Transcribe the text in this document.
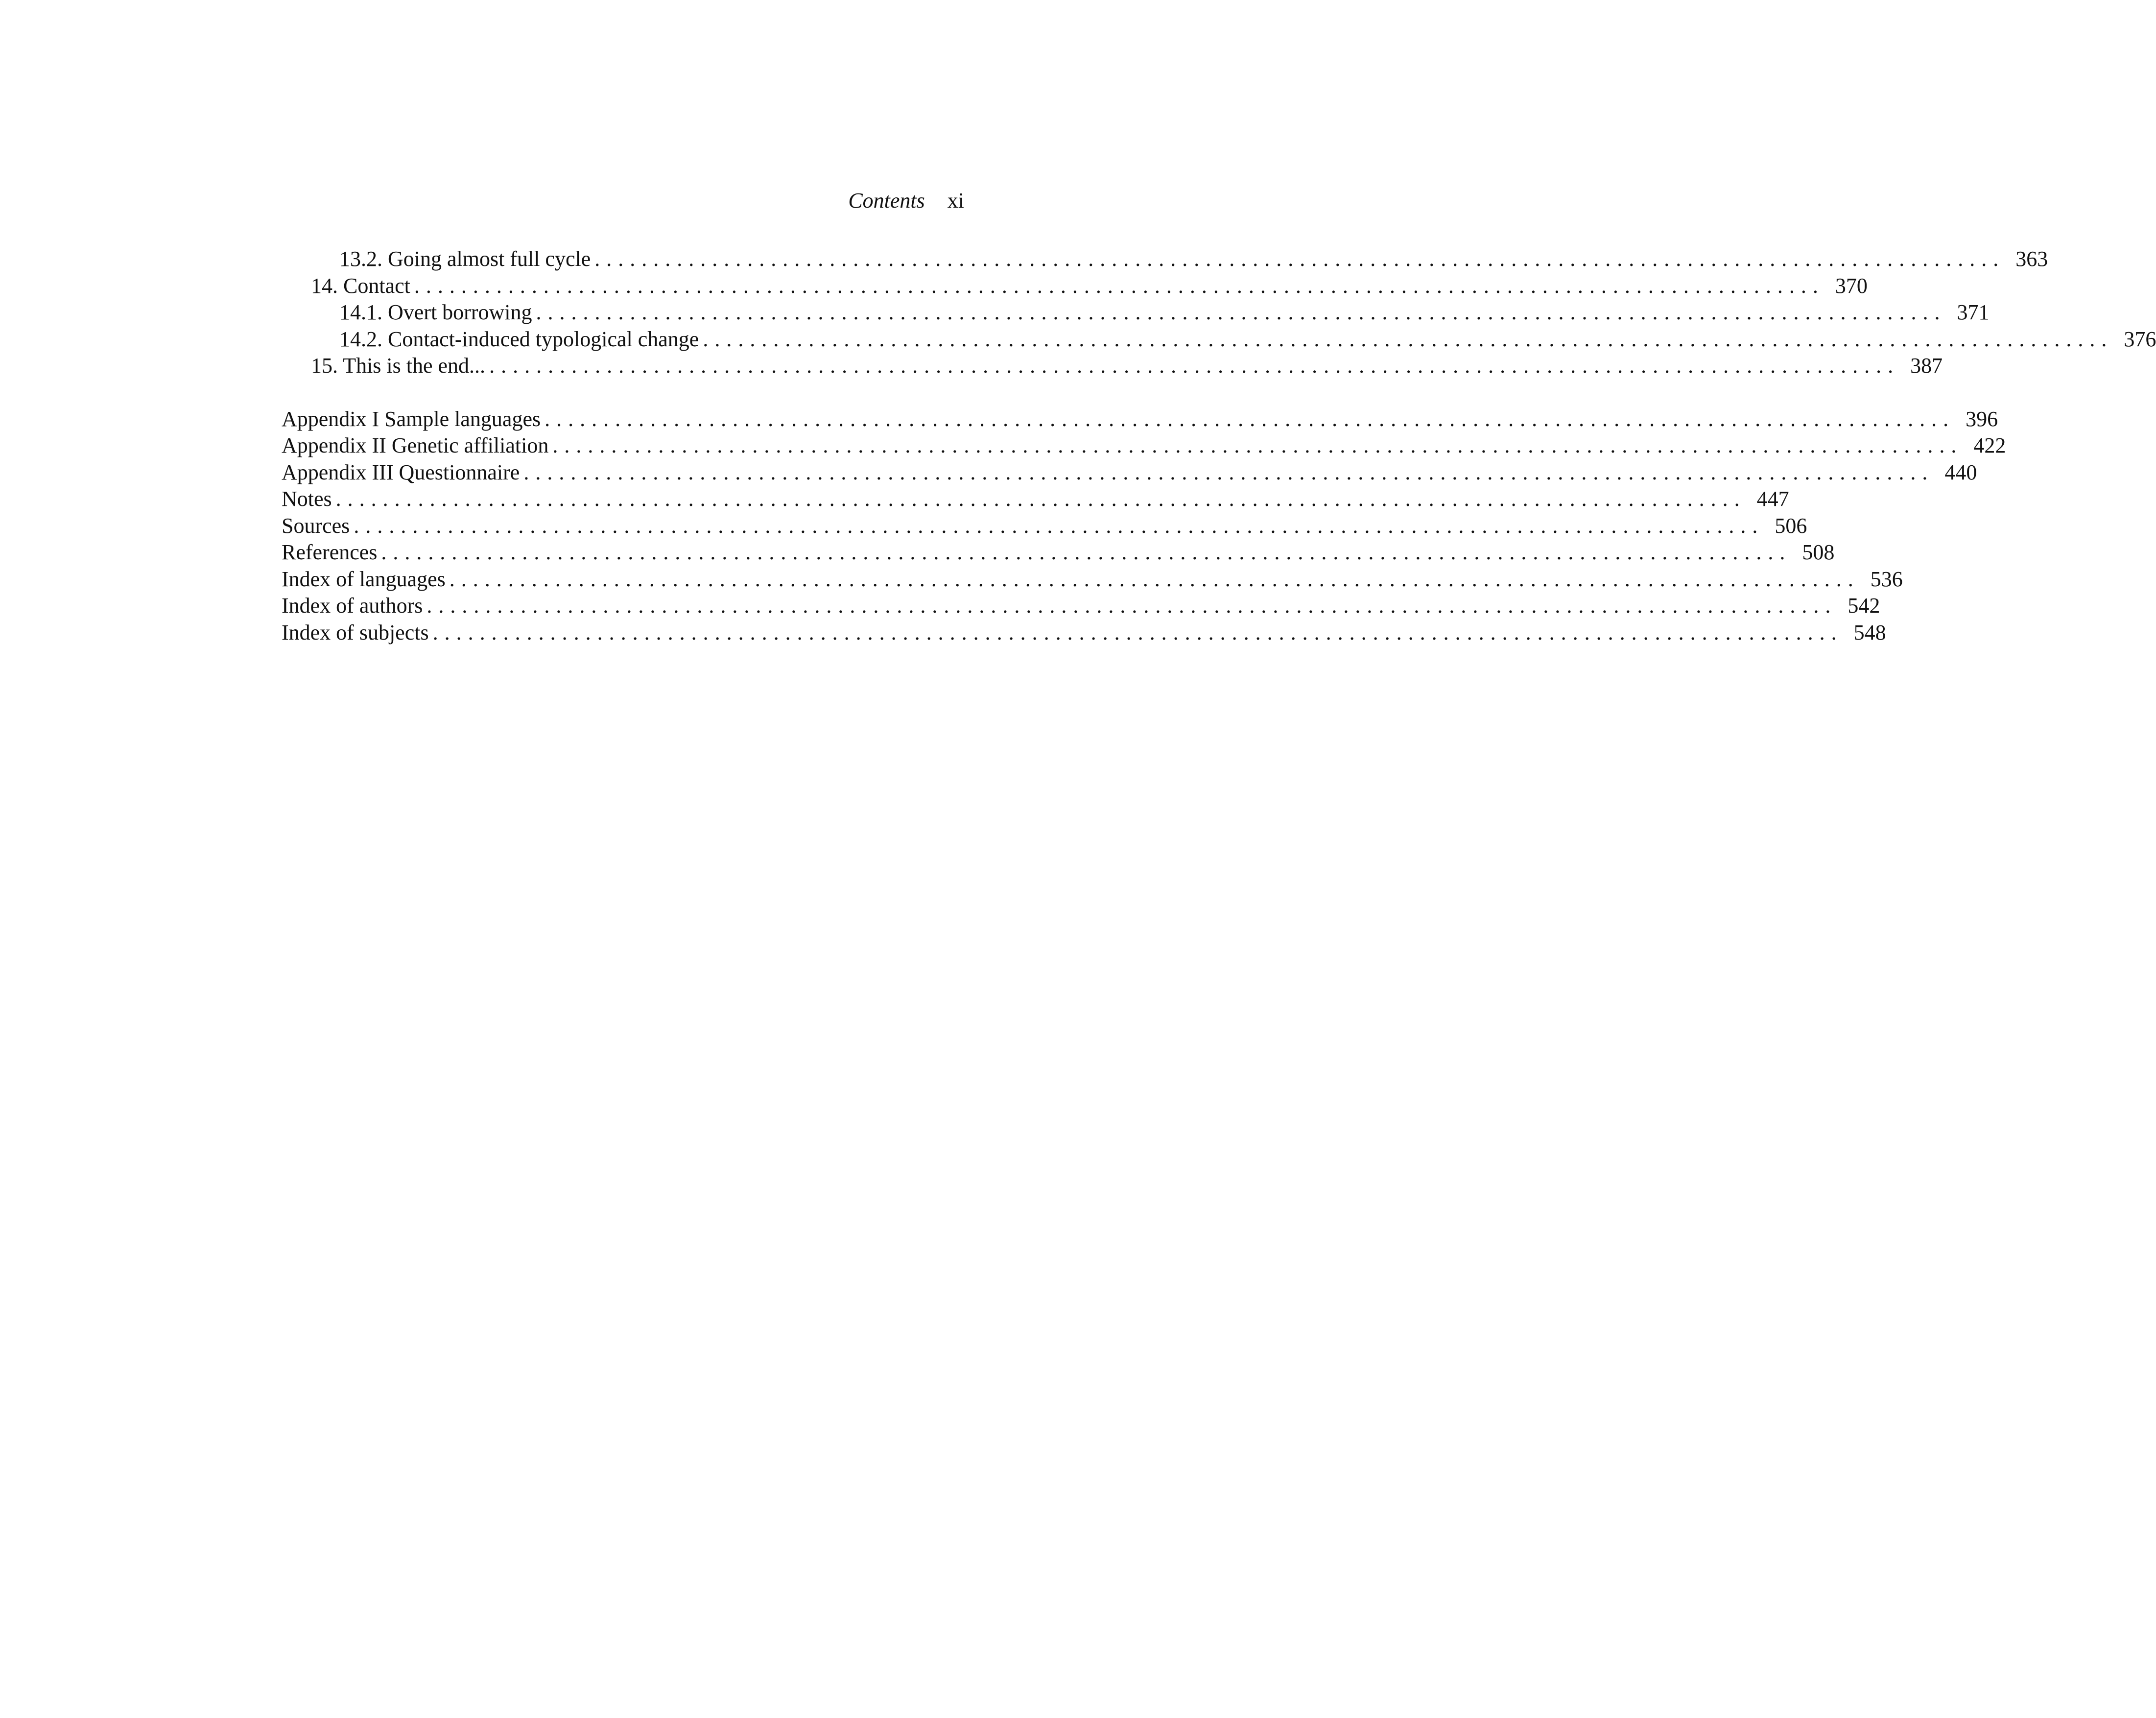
Contents xi
13.2. Going almost full cycle ........................................................................................................................ 363
14. Contact ........................................................................................................................ 370
14.1. Overt borrowing ........................................................................................................................ 371
14.2. Contact-induced typological change ........................................................................................................................ 376
15. This is the end... ........................................................................................................................ 387
Appendix I Sample languages ........................................................................................................................ 396
Appendix II Genetic affiliation ........................................................................................................................ 422
Appendix III Questionnaire ........................................................................................................................ 440
Notes ........................................................................................................................ 447
Sources ........................................................................................................................ 506
References ........................................................................................................................ 508
Index of languages ........................................................................................................................ 536
Index of authors ........................................................................................................................ 542
Index of subjects ........................................................................................................................ 548
